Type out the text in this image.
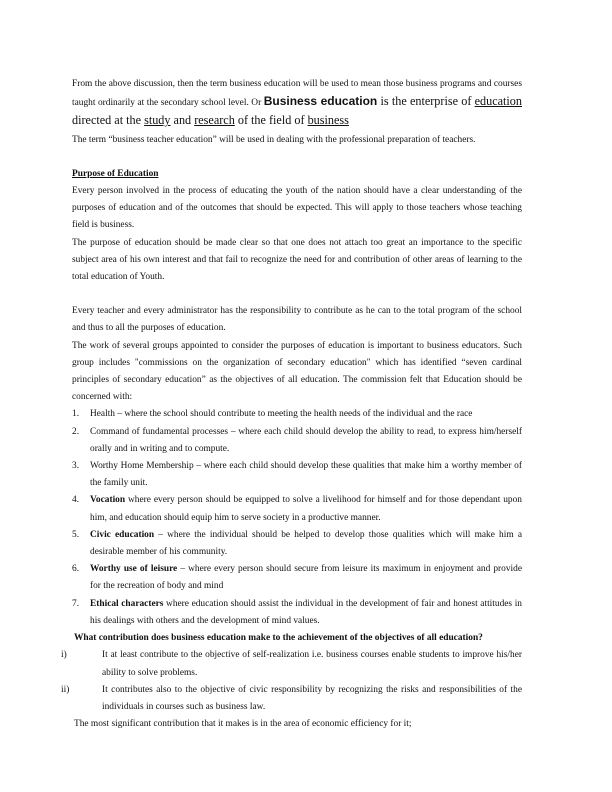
From the above discussion, then the term business education will be used to mean those business programs and courses taught ordinarily at the secondary school level. Or Business education is the enterprise of education directed at the study and research of the field of business

The term “business teacher education” will be used in dealing with the professional preparation of teachers.

Purpose of Education

Every person involved in the process of educating the youth of the nation should have a clear understanding of the purposes of education and of the outcomes that should be expected. This will apply to those teachers whose teaching field is business.

The purpose of education should be made clear so that one does not attach too great an importance to the specific subject area of his own interest and that fail to recognize the need for and contribution of other areas of learning to the total education of Youth.

Every teacher and every administrator has the responsibility to contribute as he can to the total program of the school and thus to all the purposes of education.

The work of several groups appointed to consider the purposes of education is important to business educators. Such group includes "commissions on the organization of secondary education" which has identified “seven cardinal principles of secondary education” as the objectives of all education. The commission felt that Education should be concerned with:

1. Health – where the school should contribute to meeting the health needs of the individual and the race
2. Command of fundamental processes – where each child should develop the ability to read, to express him/herself orally and in writing and to compute.
3. Worthy Home Membership – where each child should develop these qualities that make him a worthy member of the family unit.
4. Vocation where every person should be equipped to solve a livelihood for himself and for those dependant upon him, and education should equip him to serve society in a productive manner.
5. Civic education – where the individual should be helped to develop those qualities which will make him a desirable member of his community.
6. Worthy use of leisure – where every person should secure from leisure its maximum in enjoyment and provide for the recreation of body and mind
7. Ethical characters where education should assist the individual in the development of fair and honest attitudes in his dealings with others and the development of mind values.

What contribution does business education make to the achievement of the objectives of all education?

i)	It at least contribute to the objective of self-realization i.e. business courses enable students to improve his/her ability to solve problems.
ii)	It contributes also to the objective of civic responsibility by recognizing the risks and responsibilities of the individuals in courses such as business law.

The most significant contribution that it makes is in the area of economic efficiency for it;
